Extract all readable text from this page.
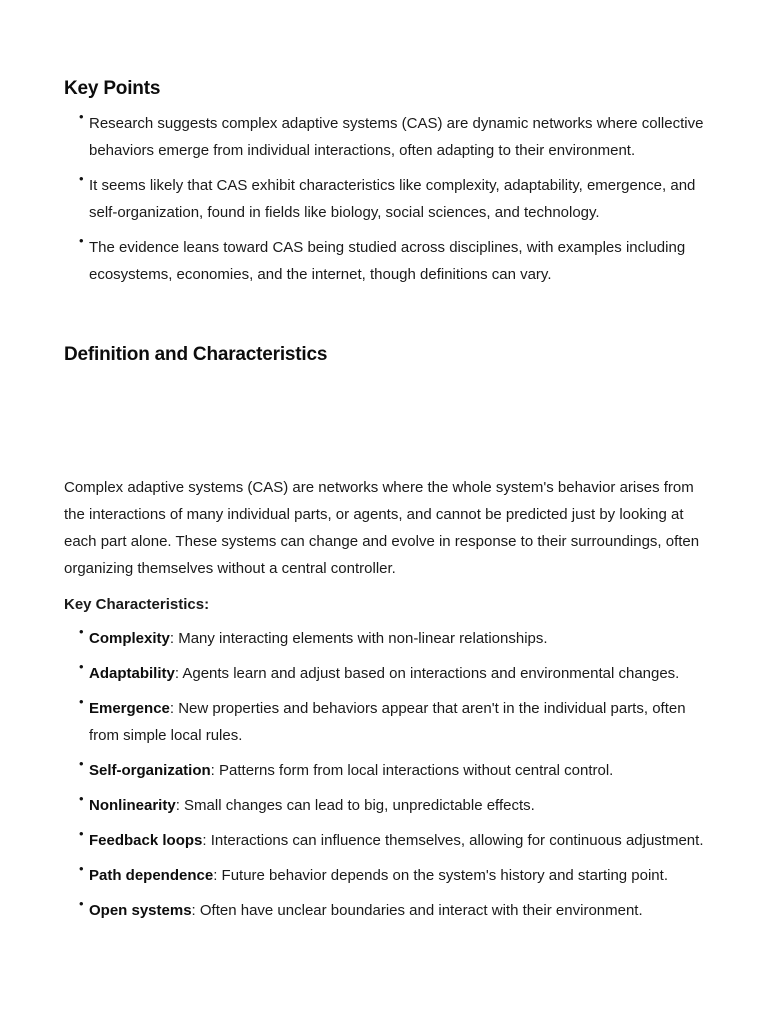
Key Points
• Research suggests complex adaptive systems (CAS) are dynamic networks where collective behaviors emerge from individual interactions, often adapting to their environment.
• It seems likely that CAS exhibit characteristics like complexity, adaptability, emergence, and self-organization, found in fields like biology, social sciences, and technology.
• The evidence leans toward CAS being studied across disciplines, with examples including ecosystems, economies, and the internet, though definitions can vary.
Definition and Characteristics

Complex adaptive systems (CAS) are networks where the whole system's behavior arises from the interactions of many individual parts, or agents, and cannot be predicted just by looking at each part alone. These systems can change and evolve in response to their surroundings, often organizing themselves without a central controller.

Key Characteristics:

• Complexity: Many interacting elements with non-linear relationships.
• Adaptability: Agents learn and adjust based on interactions and environmental changes.
• Emergence: New properties and behaviors appear that aren't in the individual parts, often from simple local rules.
• Self-organization: Patterns form from local interactions without central control.
• Nonlinearity: Small changes can lead to big, unpredictable effects.
• Feedback loops: Interactions can influence themselves, allowing for continuous adjustment.
• Path dependence: Future behavior depends on the system's history and starting point.
• Open systems: Often have unclear boundaries and interact with their environment.
